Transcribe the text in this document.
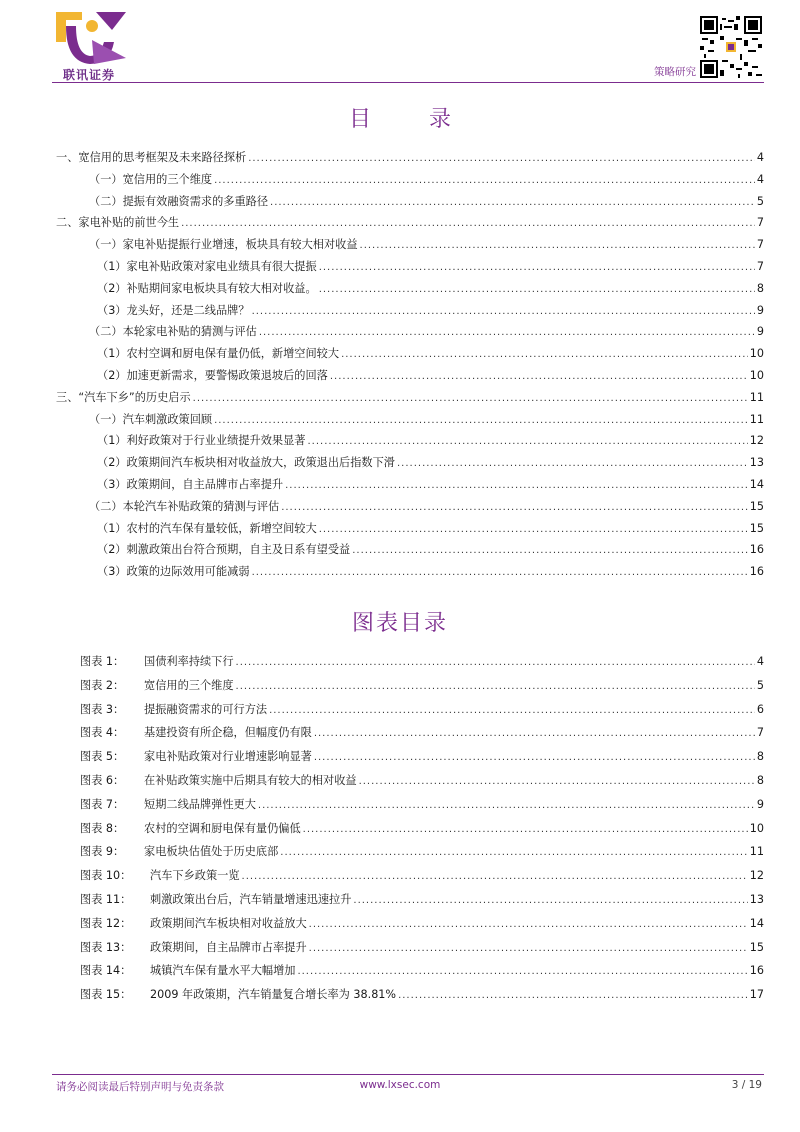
联讯证券	策略研究
目　录
一、宽信用的思考框架及未来路径探析 .....	4
（一）宽信用的三个维度 .....	4
（二）提振有效融资需求的多重路径 .....	5
二、家电补贴的前世今生 .....	7
（一）家电补贴提振行业增速，板块具有较大相对收益 .....	7
（1）家电补贴政策对家电业绩具有很大提振 .....	7
（2）补贴期间家电板块具有较大相对收益。 .....	8
（3）龙头好，还是二线品牌？ .....	9
（二）本轮家电补贴的猜测与评估 .....	9
（1）农村空调和厨电保有量仍低，新增空间较大 .....	10
（2）加速更新需求，要警惕政策退坡后的回落 .....	10
三、“汽车下乡”的历史启示 .....	11
（一）汽车刺激政策回顾 .....	11
（1）利好政策对于行业业绩提升效果显著 .....	12
（2）政策期间汽车板块相对收益放大，政策退出后指数下滑 .....	13
（3）政策期间，自主品牌市占率提升 .....	14
（二）本轮汽车补贴政策的猜测与评估 .....	15
（1）农村的汽车保有量较低，新增空间较大 .....	15
（2）刺激政策出台符合预期，自主及日系有望受益 .....	16
（3）政策的边际效用可能减弱 .....	16
图表目录
图表 1：	国债利率持续下行 .....	4
图表 2：	宽信用的三个维度 .....	5
图表 3：	提振融资需求的可行方法 .....	6
图表 4：	基建投资有所企稳，但幅度仍有限 .....	7
图表 5：	家电补贴政策对行业增速影响显著 .....	8
图表 6：	在补贴政策实施中后期具有较大的相对收益 .....	8
图表 7：	短期二线品牌弹性更大 .....	9
图表 8：	农村的空调和厨电保有量仍偏低 .....	10
图表 9：	家电板块估值处于历史底部 .....	11
图表 10：	汽车下乡政策一览 .....	12
图表 11：	刺激政策出台后，汽车销量增速迅速拉升 .....	13
图表 12：	政策期间汽车板块相对收益放大 .....	14
图表 13：	政策期间，自主品牌市占率提升 .....	15
图表 14：	城镇汽车保有量水平大幅增加 .....	16
图表 15：	2009 年政策期，汽车销量复合增长率为 38.81% .....	17
请务必阅读最后特别声明与免责条款	www.lxsec.com	3 / 19
